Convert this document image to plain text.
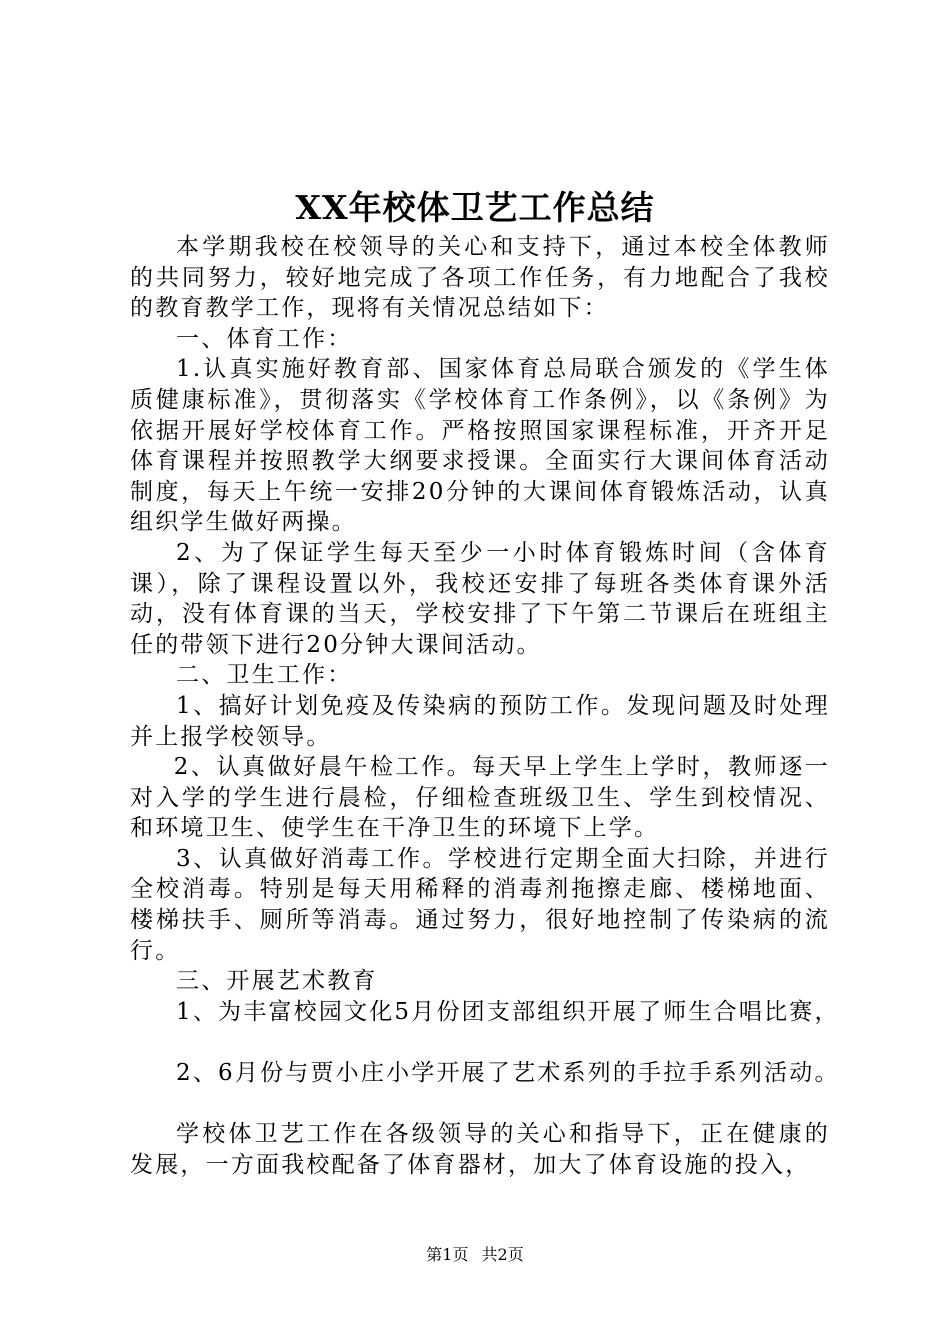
XX年校体卫艺工作总结

本学期我校在校领导的关心和支持下，通过本校全体教师的共同努力，较好地完成了各项工作任务，有力地配合了我校的教育教学工作，现将有关情况总结如下：

一、体育工作：

1.认真实施好教育部、国家体育总局联合颁发的《学生体质健康标准》，贯彻落实《学校体育工作条例》，以《条例》为依据开展好学校体育工作。严格按照国家课程标准，开齐开足体育课程并按照教学大纲要求授课。全面实行大课间体育活动制度，每天上午统一安排20分钟的大课间体育锻炼活动，认真组织学生做好两操。

2、为了保证学生每天至少一小时体育锻炼时间（含体育课），除了课程设置以外，我校还安排了每班各类体育课外活动，没有体育课的当天，学校安排了下午第二节课后在班组主任的带领下进行20分钟大课间活动。

二、卫生工作：

1、搞好计划免疫及传染病的预防工作。发现问题及时处理并上报学校领导。

2、认真做好晨午检工作。每天早上学生上学时，教师逐一对入学的学生进行晨检，仔细检查班级卫生、学生到校情况、和环境卫生、使学生在干净卫生的环境下上学。

3、认真做好消毒工作。学校进行定期全面大扫除，并进行全校消毒。特别是每天用稀释的消毒剂拖擦走廊、楼梯地面、楼梯扶手、厕所等消毒。通过努力，很好地控制了传染病的流行。

三、开展艺术教育

1、为丰富校园文化5月份团支部组织开展了师生合唱比赛，

2、6月份与贾小庄小学开展了艺术系列的手拉手系列活动。

学校体卫艺工作在各级领导的关心和指导下，正在健康的发展，一方面我校配备了体育器材，加大了体育设施的投入，

第1页 共2页
